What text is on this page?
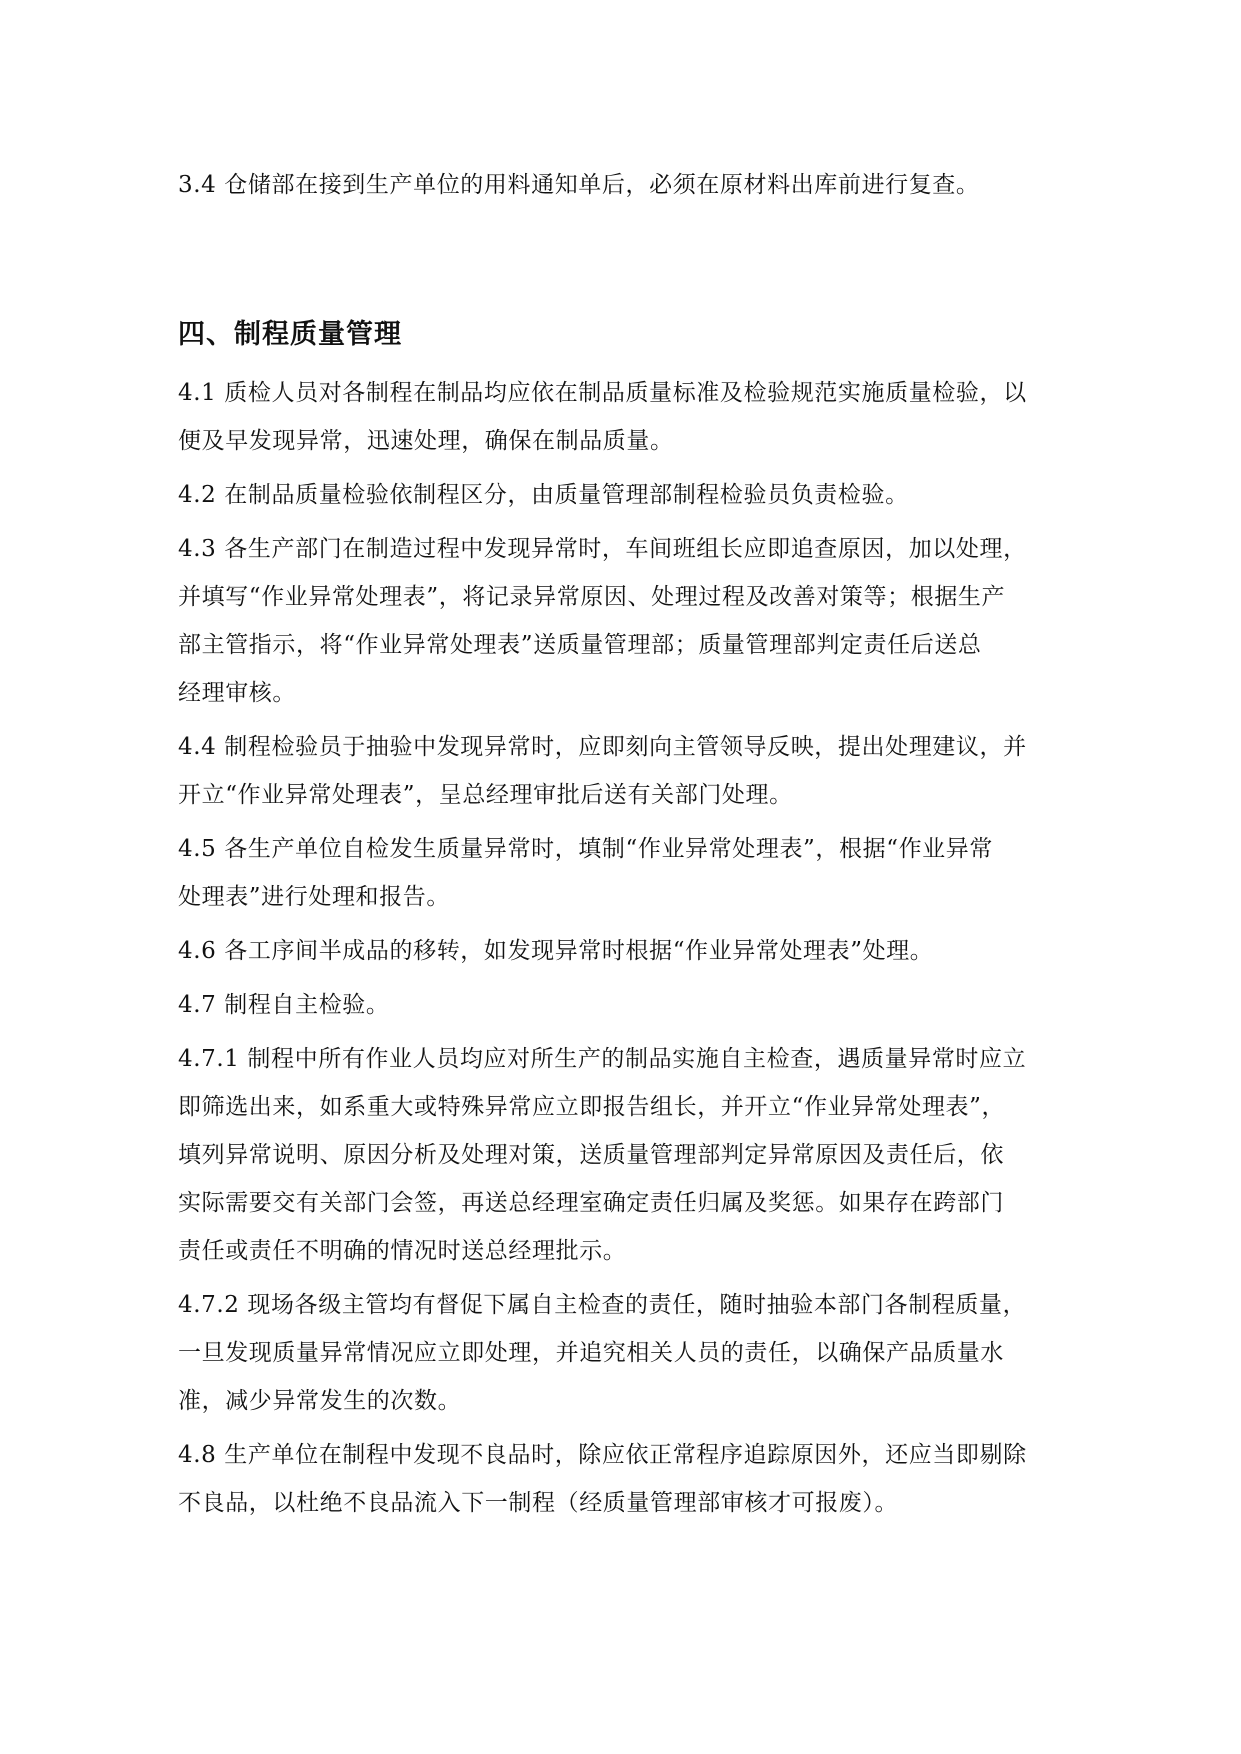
3.4 仓储部在接到生产单位的用料通知单后，必须在原材料出库前进行复查。
四、制程质量管理
4.1 质检人员对各制程在制品均应依在制品质量标准及检验规范实施质量检验，以
便及早发现异常，迅速处理，确保在制品质量。
4.2 在制品质量检验依制程区分，由质量管理部制程检验员负责检验。
4.3 各生产部门在制造过程中发现异常时，车间班组长应即追查原因，加以处理，
并填写“作业异常处理表”，将记录异常原因、处理过程及改善对策等；根据生产
部主管指示，将“作业异常处理表”送质量管理部；质量管理部判定责任后送总
经理审核。
4.4 制程检验员于抽验中发现异常时，应即刻向主管领导反映，提出处理建议，并
开立“作业异常处理表”，呈总经理审批后送有关部门处理。
4.5 各生产单位自检发生质量异常时，填制“作业异常处理表”，根据“作业异常
处理表”进行处理和报告。
4.6 各工序间半成品的移转，如发现异常时根据“作业异常处理表”处理。
4.7 制程自主检验。
4.7.1 制程中所有作业人员均应对所生产的制品实施自主检查，遇质量异常时应立
即筛选出来，如系重大或特殊异常应立即报告组长，并开立“作业异常处理表”，
填列异常说明、原因分析及处理对策，送质量管理部判定异常原因及责任后，依
实际需要交有关部门会签，再送总经理室确定责任归属及奖惩。如果存在跨部门
责任或责任不明确的情况时送总经理批示。
4.7.2 现场各级主管均有督促下属自主检查的责任，随时抽验本部门各制程质量，
一旦发现质量异常情况应立即处理，并追究相关人员的责任，以确保产品质量水
准，减少异常发生的次数。
4.8 生产单位在制程中发现不良品时，除应依正常程序追踪原因外，还应当即剔除
不良品，以杜绝不良品流入下一制程（经质量管理部审核才可报废）。
